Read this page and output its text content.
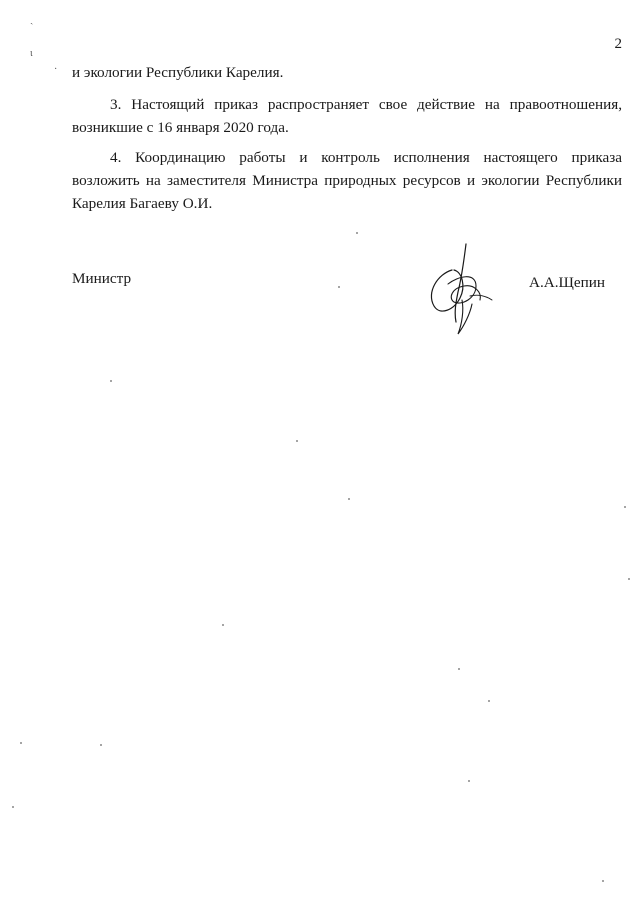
2
ˎ
ι
· и экологии Республики Карелия.

3. Настоящий приказ распространяет свое действие на правоотношения, возникшие с 16 января 2020 года.

4. Координацию работы и контроль исполнения настоящего приказа возложить на заместителя Министра природных ресурсов и экологии Республики Карелия Багаеву О.И.

Министр	А.А.Щепин
